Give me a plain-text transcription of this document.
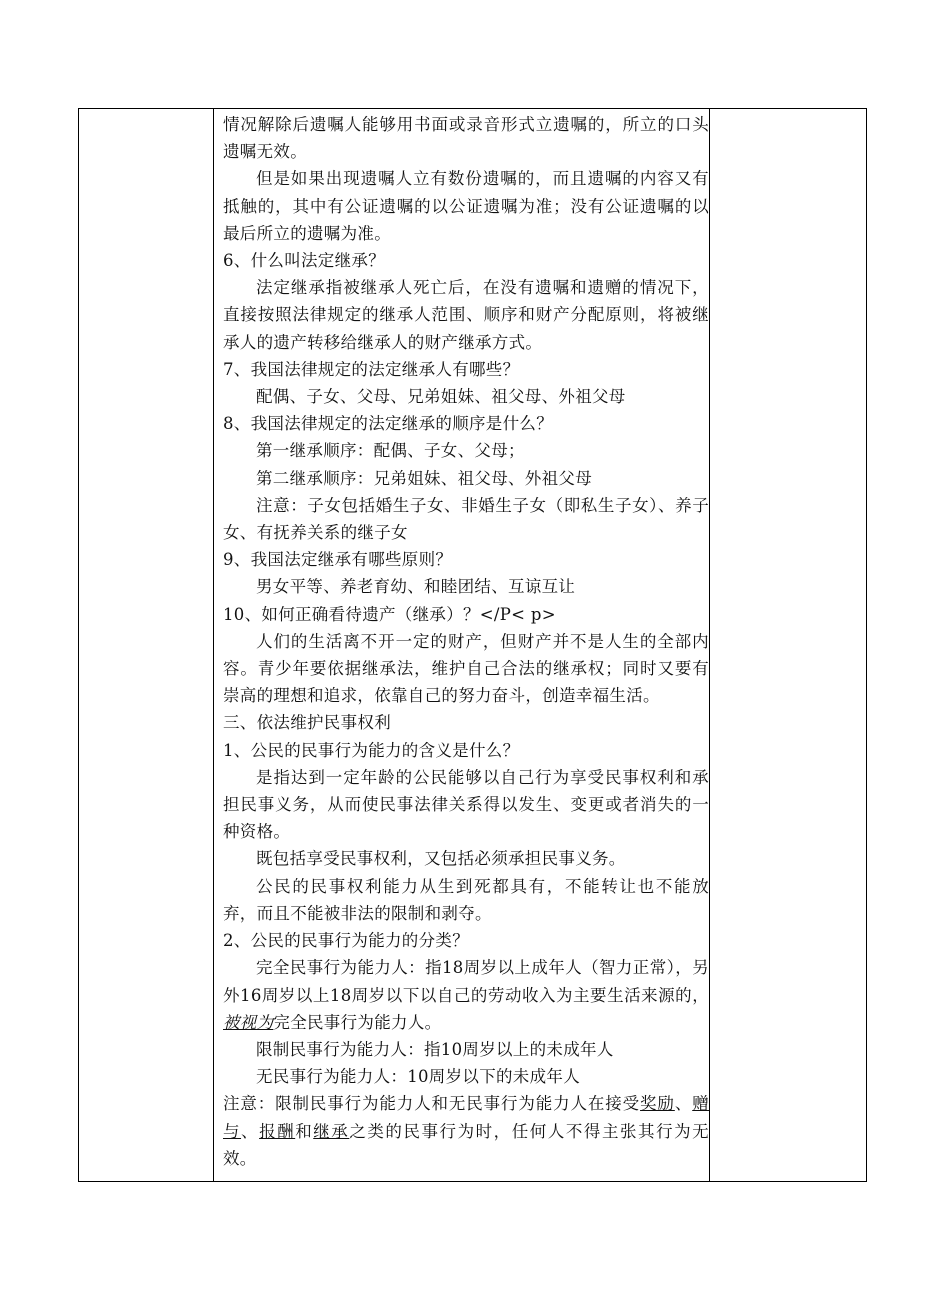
情况解除后遗嘱人能够用书面或录音形式立遗嘱的，所立的口头遗嘱无效。

但是如果出现遗嘱人立有数份遗嘱的，而且遗嘱的内容又有抵触的，其中有公证遗嘱的以公证遗嘱为准；没有公证遗嘱的以最后所立的遗嘱为准。

6、什么叫法定继承？

法定继承指被继承人死亡后，在没有遗嘱和遗赠的情况下，直接按照法律规定的继承人范围、顺序和财产分配原则，将被继承人的遗产转移给继承人的财产继承方式。

7、我国法律规定的法定继承人有哪些？

配偶、子女、父母、兄弟姐妹、祖父母、外祖父母

8、我国法律规定的法定继承的顺序是什么？

第一继承顺序：配偶、子女、父母；

第二继承顺序：兄弟姐妹、祖父母、外祖父母

注意：子女包括婚生子女、非婚生子女（即私生子女）、养子女、有抚养关系的继子女

9、我国法定继承有哪些原则？

男女平等、养老育幼、和睦团结、互谅互让

10、如何正确看待遗产（继承）？</P< p>

人们的生活离不开一定的财产，但财产并不是人生的全部内容。青少年要依据继承法，维护自己合法的继承权；同时又要有崇高的理想和追求，依靠自己的努力奋斗，创造幸福生活。

三、依法维护民事权利

1、公民的民事行为能力的含义是什么？

是指达到一定年龄的公民能够以自己行为享受民事权利和承担民事义务，从而使民事法律关系得以发生、变更或者消失的一种资格。

既包括享受民事权利，又包括必须承担民事义务。

公民的民事权利能力从生到死都具有，不能转让也不能放弃，而且不能被非法的限制和剥夺。

2、公民的民事行为能力的分类？

完全民事行为能力人：指18周岁以上成年人（智力正常），另外16周岁以上18周岁以下以自己的劳动收入为主要生活来源的，被视为完全民事行为能力人。

限制民事行为能力人：指10周岁以上的未成年人

无民事行为能力人：10周岁以下的未成年人

注意：限制民事行为能力人和无民事行为能力人在接受奖励、赠与、报酬和继承之类的民事行为时，任何人不得主张其行为无效。
